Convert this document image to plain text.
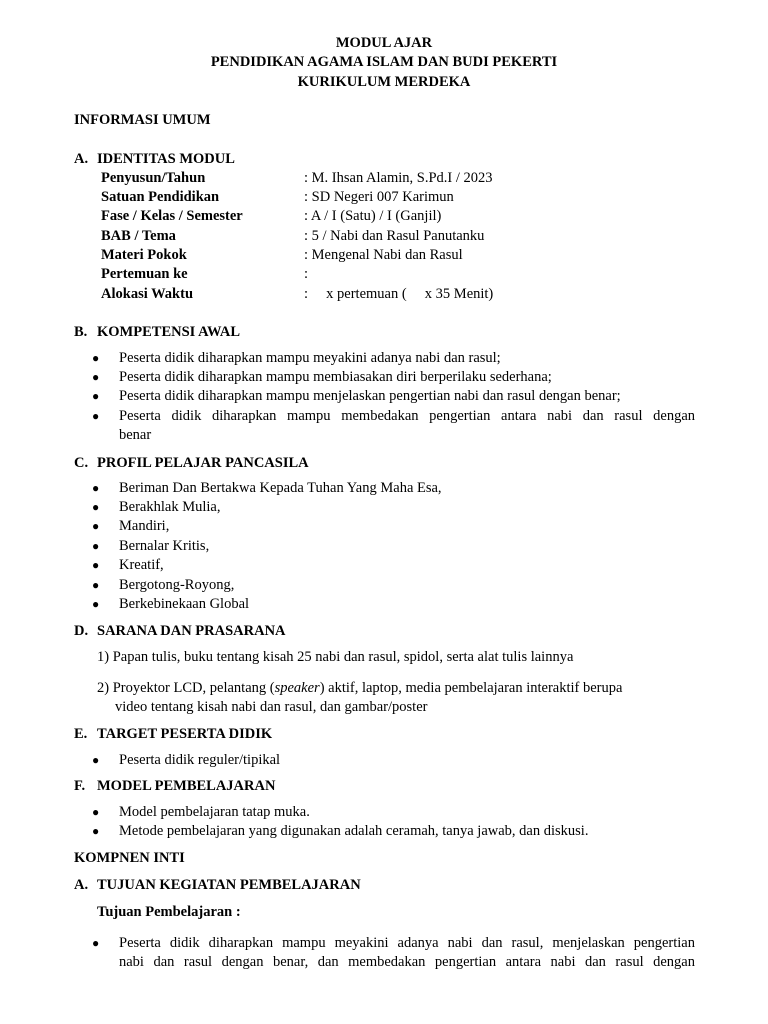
MODUL AJAR
PENDIDIKAN AGAMA ISLAM DAN BUDI PEKERTI
KURIKULUM MERDEKA
INFORMASI UMUM
A. IDENTITAS MODUL
Penyusun/Tahun	: M. Ihsan Alamin, S.Pd.I / 2023
Satuan Pendidikan	: SD Negeri 007 Karimun
Fase / Kelas / Semester	: A / I (Satu) / I (Ganjil)
BAB / Tema	: 5 / Nabi dan Rasul Panutanku
Materi Pokok	: Mengenal Nabi dan Rasul
Pertemuan ke	:
Alokasi Waktu	:     x pertemuan (     x 35 Menit)
B. KOMPETENSI AWAL
● Peserta didik diharapkan mampu meyakini adanya nabi dan rasul;
● Peserta didik diharapkan mampu membiasakan diri berperilaku sederhana;
● Peserta didik diharapkan mampu menjelaskan pengertian nabi dan rasul dengan benar;
● Peserta didik diharapkan mampu membedakan pengertian antara nabi dan rasul dengan
benar
C. PROFIL PELAJAR PANCASILA
● Beriman Dan Bertakwa Kepada Tuhan Yang Maha Esa,
● Berakhlak Mulia,
● Mandiri,
● Bernalar Kritis,
● Kreatif,
● Bergotong-Royong,
● Berkebinekaan Global
D. SARANA DAN PRASARANA
1) Papan tulis, buku tentang kisah 25 nabi dan rasul, spidol, serta alat tulis lainnya
2) Proyektor LCD, pelantang (speaker) aktif, laptop, media pembelajaran interaktif berupa
video tentang kisah nabi dan rasul, dan gambar/poster
E. TARGET PESERTA DIDIK
● Peserta didik reguler/tipikal
F. MODEL PEMBELAJARAN
● Model pembelajaran tatap muka.
● Metode pembelajaran yang digunakan adalah ceramah, tanya jawab, dan diskusi.
KOMPNEN INTI
A. TUJUAN KEGIATAN PEMBELAJARAN
Tujuan Pembelajaran :
● Peserta didik diharapkan mampu meyakini adanya nabi dan rasul, menjelaskan pengertian
nabi dan rasul dengan benar, dan membedakan pengertian antara nabi dan rasul dengan
